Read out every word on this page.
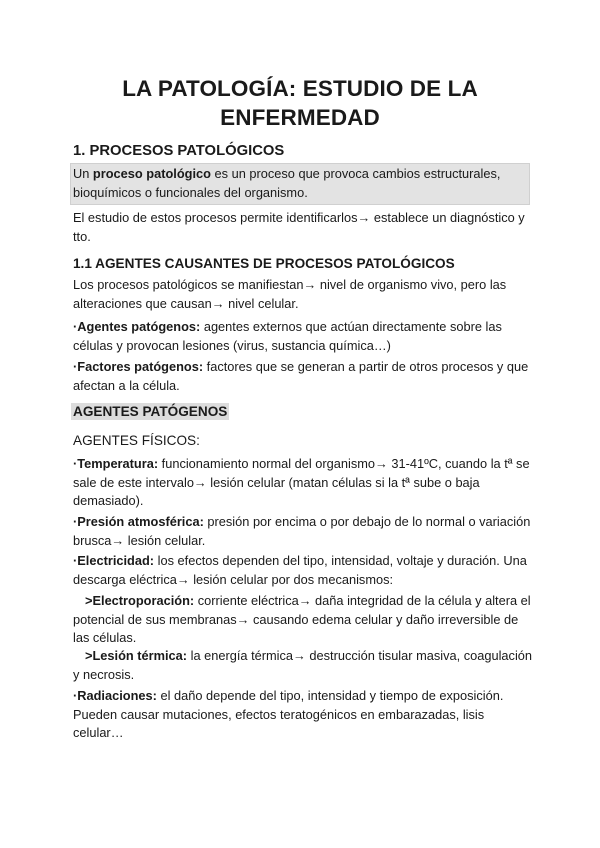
LA PATOLOGÍA: ESTUDIO DE LA ENFERMEDAD
1. PROCESOS PATOLÓGICOS
Un proceso patológico es un proceso que provoca cambios estructurales, bioquímicos o funcionales del organismo.
El estudio de estos procesos permite identificarlos→ establece un diagnóstico y tto.
1.1 AGENTES CAUSANTES DE PROCESOS PATOLÓGICOS
Los procesos patológicos se manifiestan→ nivel de organismo vivo, pero las alteraciones que causan→ nivel celular.
·Agentes patógenos: agentes externos que actúan directamente sobre las células y provocan lesiones (virus, sustancia química…)
·Factores patógenos: factores que se generan a partir de otros procesos y que afectan a la célula.
AGENTES PATÓGENOS
AGENTES FÍSICOS:
·Temperatura: funcionamiento normal del organismo→ 31-41ºC, cuando la tª se sale de este intervalo→ lesión celular (matan células si la tª sube o baja demasiado).
·Presión atmosférica: presión por encima o por debajo de lo normal o variación brusca→ lesión celular.
·Electricidad: los efectos dependen del tipo, intensidad, voltaje y duración. Una descarga eléctrica→ lesión celular por dos mecanismos:
>Electroporación: corriente eléctrica→ daña integridad de la célula y altera el potencial de sus membranas→ causando edema celular y daño irreversible de las células.
>Lesión térmica: la energía térmica→ destrucción tisular masiva, coagulación y necrosis.
·Radiaciones: el daño depende del tipo, intensidad y tiempo de exposición. Pueden causar mutaciones, efectos teratogénicos en embarazadas, lisis celular…
